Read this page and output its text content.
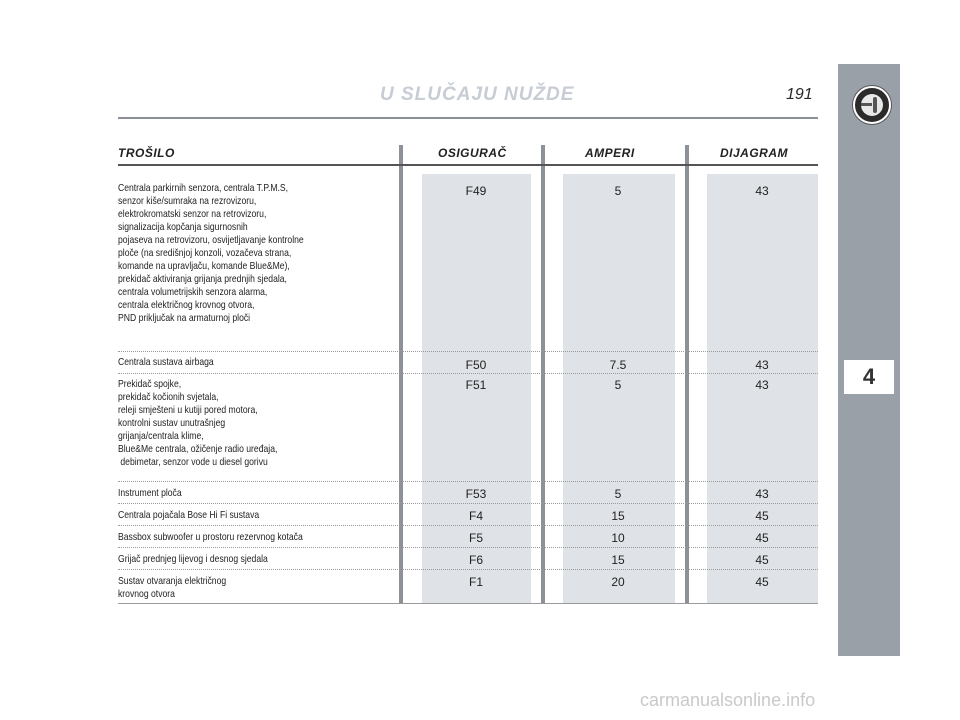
U SLUČAJU NUŽDE	191
4
TROŠILO	OSIGURAČ	AMPERI	DIJAGRAM
Centrala parkirnih senzora, centrala T.P.M.S,
senzor kiše/sumraka na rezrovizoru,
elektrokromatski senzor na retrovizoru,
signalizacija kopčanja sigurnosnih
pojaseva na retrovizoru, osvijetljavanje kontrolne
ploče (na središnjoj konzoli, vozačeva strana,
komande na upravljaču, komande Blue&Me),
prekidač aktiviranja grijanja prednjih sjedala,
centrala volumetrijskih senzora alarma,
centrala električnog krovnog otvora,
PND priključak na armaturnoj ploči
F49	5	43
Centrala sustava airbaga	F50	7.5	43
Prekidač spojke,
prekidač kočionih svjetala,
releji smješteni u kutiji pored motora,
kontrolni sustav unutrašnjeg
grijanja/centrala klime,
Blue&Me centrala, ožičenje radio uređaja,
debimetar, senzor vode u diesel gorivu
F51	5	43
Instrument ploča	F53	5	43
Centrala pojačala Bose Hi Fi sustava	F4	15	45
Bassbox subwoofer u prostoru rezervnog kotača	F5	10	45
Grijač prednjeg lijevog i desnog sjedala	F6	15	45
Sustav otvaranja električnog
krovnog otvora
F1	20	45
carmanualsonline.info
